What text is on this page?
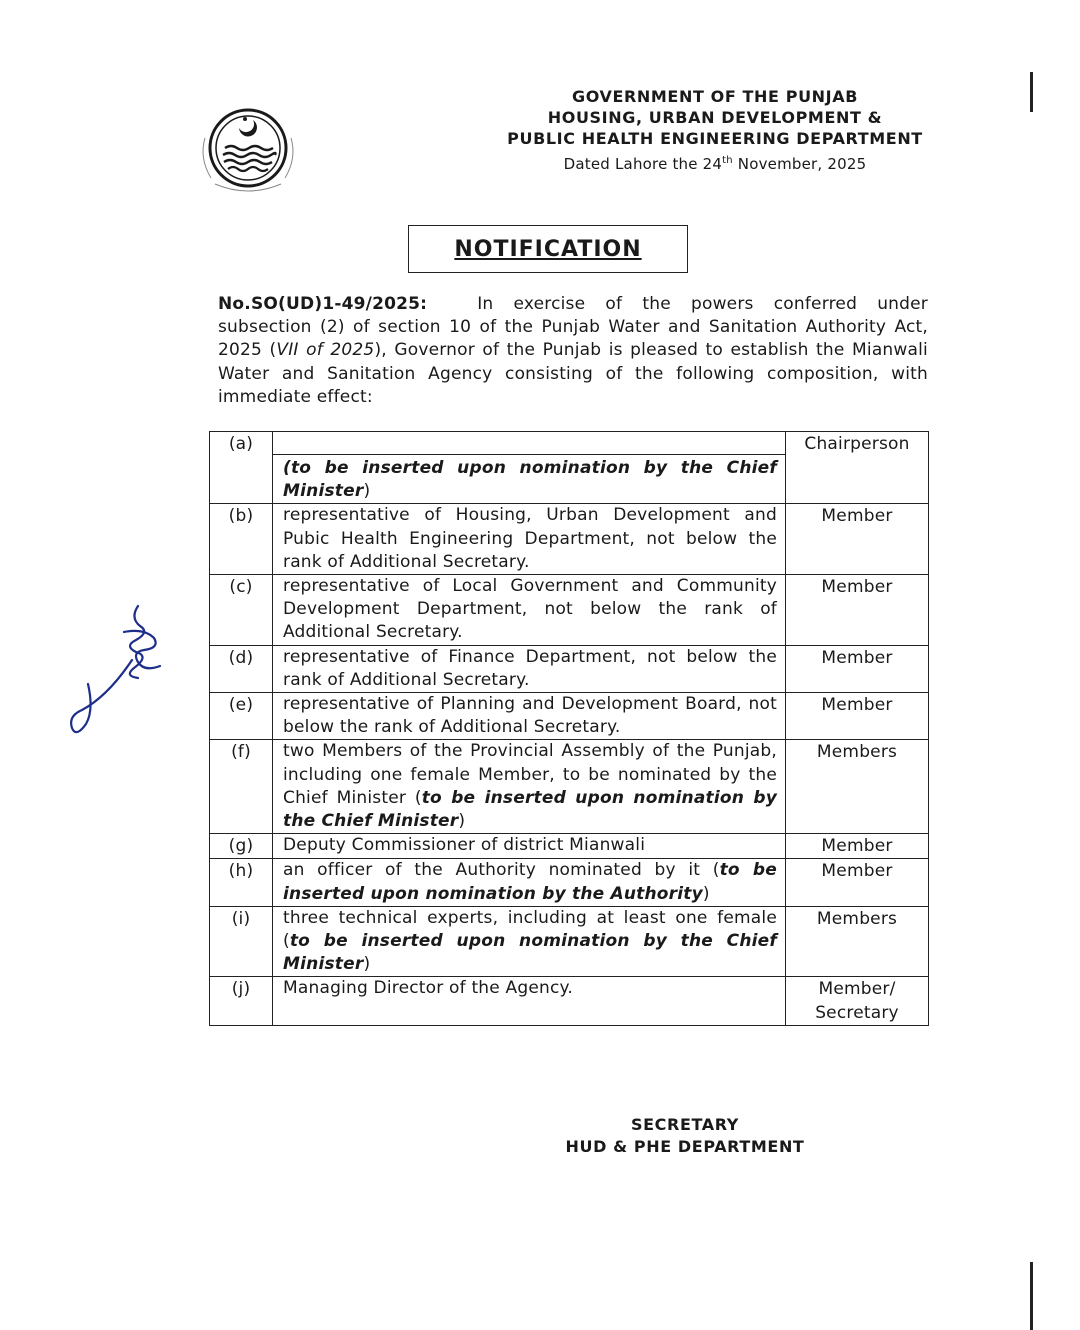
GOVERNMENT OF THE PUNJAB
HOUSING, URBAN DEVELOPMENT &
PUBLIC HEALTH ENGINEERING DEPARTMENT
Dated Lahore the 24th November, 2025
NOTIFICATION
No.SO(UD)1-49/2025:	In exercise of the powers conferred under subsection (2) of section 10 of the Punjab Water and Sanitation Authority Act, 2025 (VII of 2025), Governor of the Punjab is pleased to establish the Mianwali Water and Sanitation Agency consisting of the following composition, with immediate effect:
(a)	(to be inserted upon nomination by the Chief Minister)	Chairperson
(b)	representative of Housing, Urban Development and Pubic Health Engineering Department, not below the rank of Additional Secretary.	Member
(c)	representative of Local Government and Community Development Department, not below the rank of Additional Secretary.	Member
(d)	representative of Finance Department, not below the rank of Additional Secretary.	Member
(e)	representative of Planning and Development Board, not below the rank of Additional Secretary.	Member
(f)	two Members of the Provincial Assembly of the Punjab, including one female Member, to be nominated by the Chief Minister (to be inserted upon nomination by the Chief Minister)	Members
(g)	Deputy Commissioner of district Mianwali	Member
(h)	an officer of the Authority nominated by it (to be inserted upon nomination by the Authority)	Member
(i)	three technical experts, including at least one female (to be inserted upon nomination by the Chief Minister)	Members
(j)	Managing Director of the Agency.	Member/ Secretary
SECRETARY
HUD & PHE DEPARTMENT
